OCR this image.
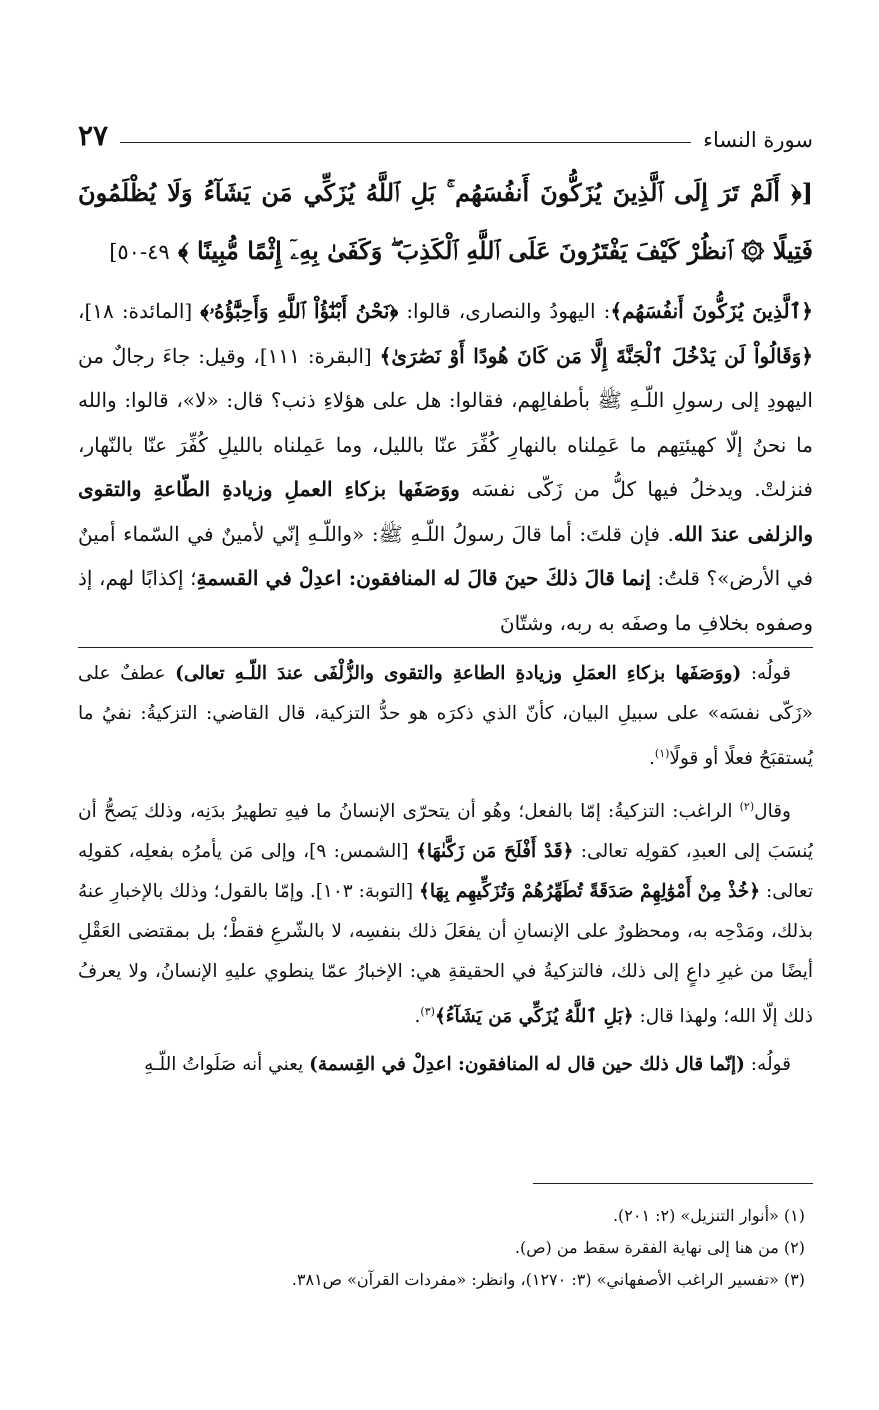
سورة النساء
٢٧
[﴿ أَلَمْ تَرَ إِلَى ٱلَّذِينَ يُزَكُّونَ أَنفُسَهُم ۚ بَلِ ٱللَّهُ يُزَكِّي مَن يَشَآءُ وَلَا يُظْلَمُونَ فَتِيلًا ۞ ٱنظُرْ كَيْفَ يَفْتَرُونَ عَلَى ٱللَّهِ ٱلْكَذِبَ ۖ وَكَفَىٰ بِهِۦٓ إِثْمًا مُّبِينًا ﴾ ٤٩-٥٠]
﴿ٱلَّذِينَ يُزَكُّونَ أَنفُسَهُم﴾: اليهودُ والنصارى، قالوا: ﴿نَحْنُ أَبْنَٰٓؤُاْ ٱللَّهِ وَأَحِبَّٰٓؤُهُۥ﴾ [المائدة: ١٨]، ﴿وَقَالُواْ لَن يَدْخُلَ ٱلْجَنَّةَ إِلَّا مَن كَانَ هُودًا أَوْ نَصَٰرَىٰ﴾ [البقرة: ١١١]، وقيل: جاءَ رجالٌ من اليهودِ إلى رسولِ اللّـهِ ﷺ بأطفالِهم، فقالوا: هل على هؤلاءِ ذنب؟ قال: «لا»، قالوا: والله ما نحنُ إلّا كهيئتِهم ما عَمِلناه بالنهارِ كُفِّرَ عنّا بالليل، وما عَمِلناه بالليلِ كُفِّرَ عنّا بالنّهار، فنزلتْ. ويدخلُ فيها كلُّ من زَكّى نفسَه ووَصَفَها بزكاءِ العملِ وزيادةِ الطّاعةِ والتقوى والزلفى عندَ الله. فإن قلتَ: أما قالَ رسولُ اللّـهِ ﷺ: «واللّـهِ إنّي لأمينٌ في السّماء أمينٌ في الأرض»؟ قلتُ: إنما قالَ ذلكَ حينَ قالَ له المنافقون: اعدِلْ في القسمةِ؛ إكذابًا لهم، إذ وصفوه بخلافِ ما وصفَه به ربه، وشتّانَ

قولُه: (ووَصَفَها بزكاءِ العمَلِ وزيادةِ الطاعةِ والتقوى والزُّلْفَى عندَ اللّـهِ تعالى) عطفٌ على «زَكّى نفسَه» على سبيلِ البيان، كأنّ الذي ذكرَه هو حدُّ التزكية، قال القاضي: التزكيةُ: نفيُ ما يُستقبَحُ فعلًا أو قولًا$^{(١)}$.

وقال$^{(٢)}$ الراغب: التزكيةُ: إمّا بالفعل؛ وهُو أن يتحرّى الإنسانُ ما فيهِ تطهيرُ بدَنِه، وذلك يَصحُّ أن يُنسَبَ إلى العبدِ، كقولِه تعالى: ﴿قَدْ أَفْلَحَ مَن زَكَّىٰهَا﴾ [الشمس: ٩]، وإلى مَن يأمرُه بفعلِه، كقولِه تعالى: ﴿خُذْ مِنْ أَمْوَٰلِهِمْ صَدَقَةً تُطَهِّرُهُمْ وَتُزَكِّيهِم بِهَا﴾ [التوبة: ١٠٣]. وإمّا بالقول؛ وذلك بالإخبارِ عنهُ بذلك، ومَدْحِه به، ومحظورٌ على الإنسانِ أن يفعَلَ ذلك بنفسِه، لا بالشّرعِ فقطْ؛ بل بمقتضى العَقْلِ أيضًا من غيرِ داعٍ إلى ذلك، فالتزكيةُ في الحقيقةِ هي: الإخبارُ عمّا ينطوي عليهِ الإنسانُ، ولا يعرفُ ذلك إلّا الله؛ ولهذا قال: ﴿بَلِ ٱللَّهُ يُزَكِّي مَن يَشَآءُ﴾$^{(٣)}$.

قولُه: (إنّما قال ذلك حين قال له المنافقون: اعدِلْ في القِسمة) يعني أنه صَلَواتُ اللّـهِ

(١) «أنوار التنزيل» (٢: ٢٠١).
(٢) من هنا إلى نهاية الفقرة سقط من (ص).
(٣) «تفسير الراغب الأصفهاني» (٣: ١٢٧٠)، وانظر: «مفردات القرآن» ص٣٨١.
